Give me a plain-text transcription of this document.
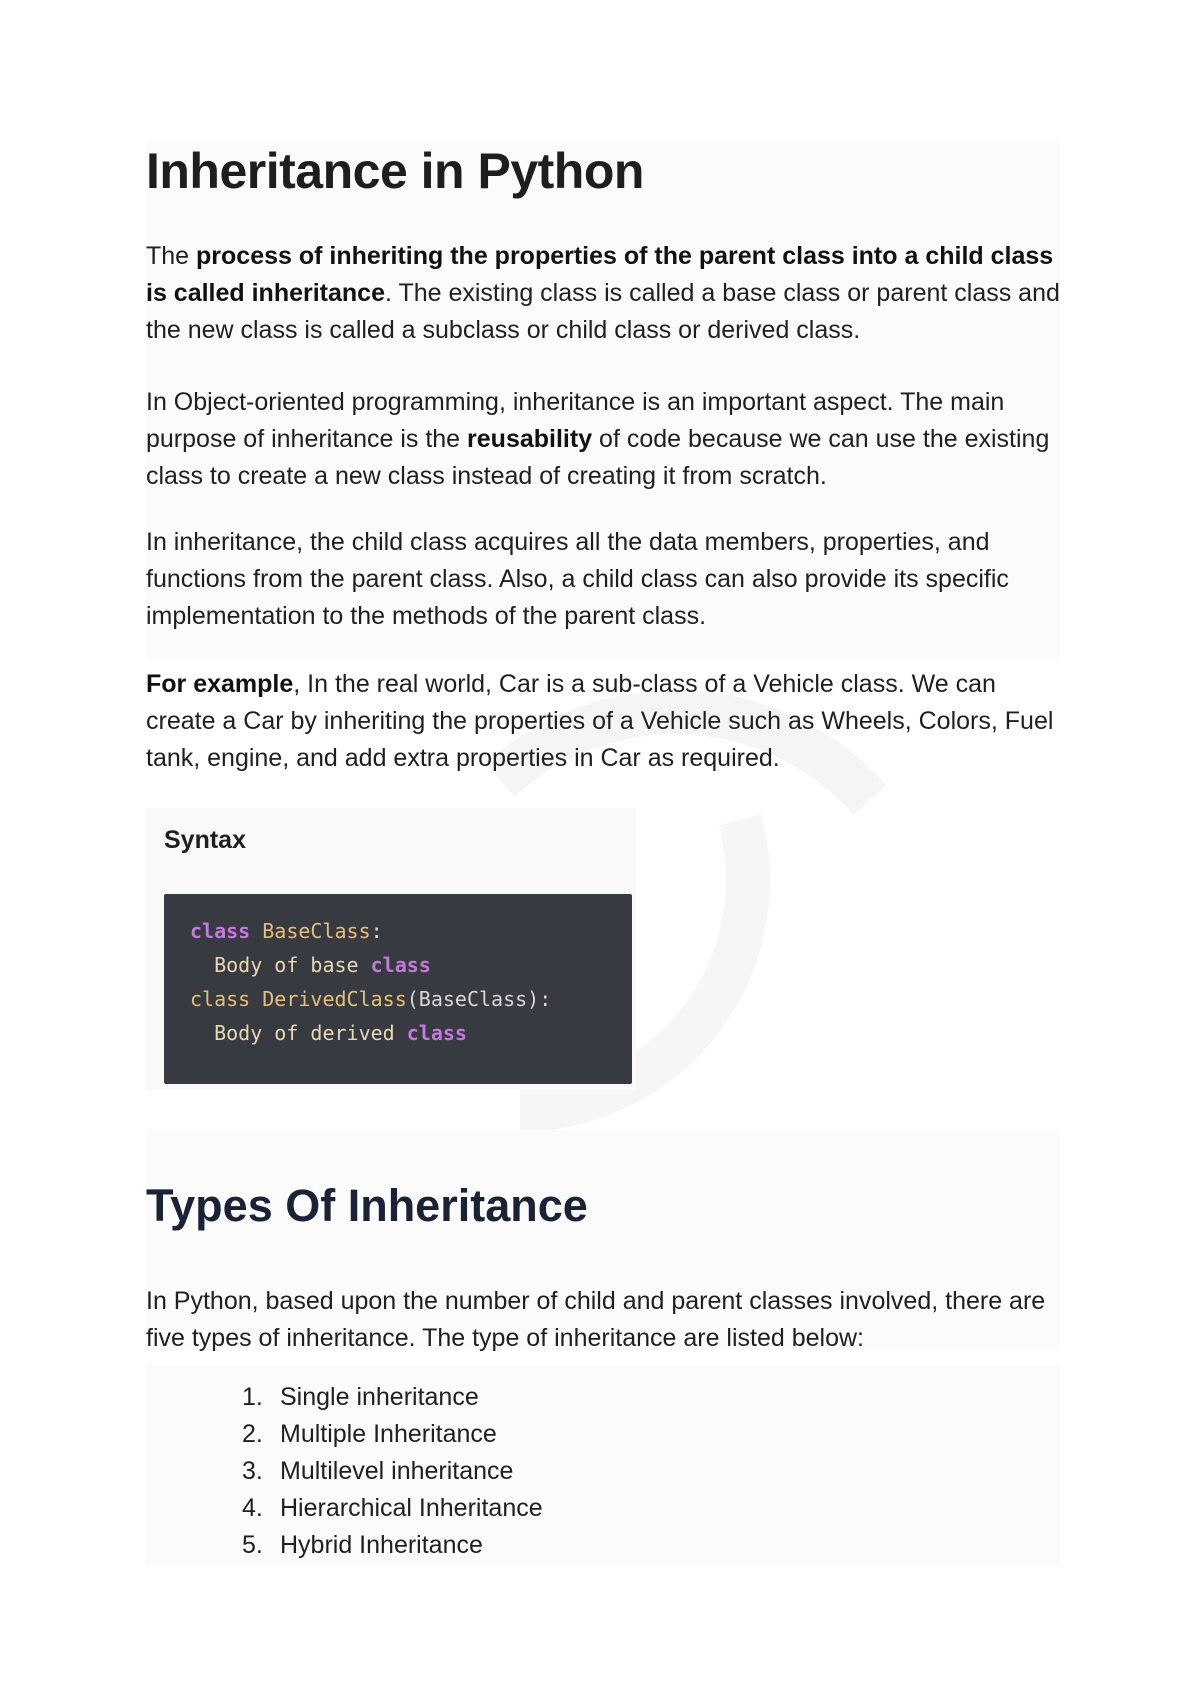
Inheritance in Python

The process of inheriting the properties of the parent class into a child class is called inheritance. The existing class is called a base class or parent class and the new class is called a subclass or child class or derived class.

In Object-oriented programming, inheritance is an important aspect. The main purpose of inheritance is the reusability of code because we can use the existing class to create a new class instead of creating it from scratch.

In inheritance, the child class acquires all the data members, properties, and functions from the parent class. Also, a child class can also provide its specific implementation to the methods of the parent class.

For example, In the real world, Car is a sub-class of a Vehicle class. We can create a Car by inheriting the properties of a Vehicle such as Wheels, Colors, Fuel tank, engine, and add extra properties in Car as required.

Syntax
class BaseClass:
Body of base class
class DerivedClass(BaseClass):
Body of derived class
Types Of Inheritance

In Python, based upon the number of child and parent classes involved, there are five types of inheritance. The type of inheritance are listed below:

1. Single inheritance
2. Multiple Inheritance
3. Multilevel inheritance
4. Hierarchical Inheritance
5. Hybrid Inheritance
